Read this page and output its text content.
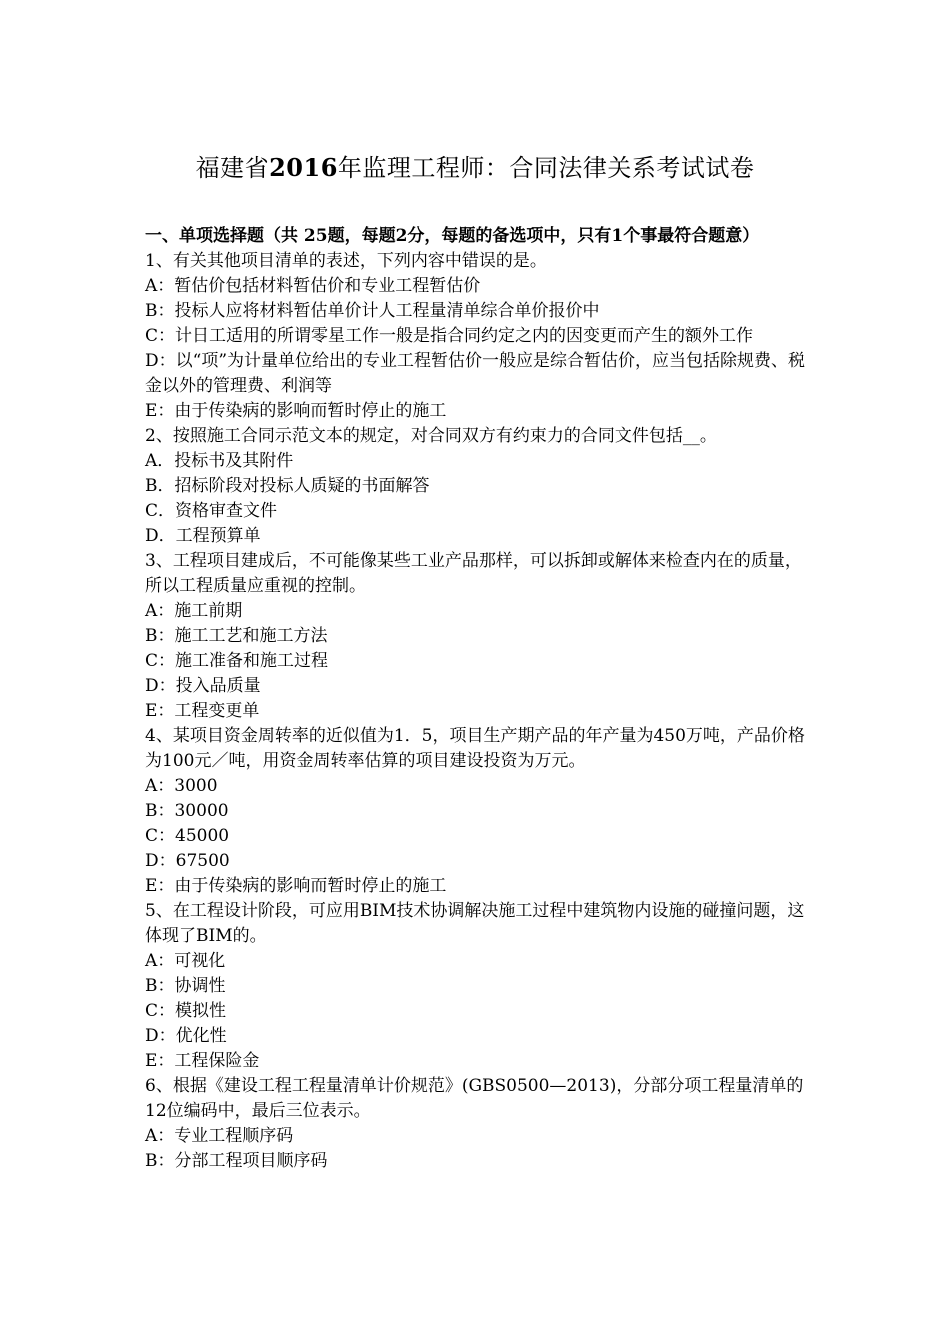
福建省2016年监理工程师：合同法律关系考试试卷

一、单项选择题（共 25题，每题2分，每题的备选项中，只有1个事最符合题意）

1、有关其他项目清单的表述，下列内容中错误的是。

A：暂估价包括材料暂估价和专业工程暂估价

B：投标人应将材料暂估单价计人工程量清单综合单价报价中

C：计日工适用的所谓零星工作一般是指合同约定之内的因变更而产生的额外工作

D：以“项”为计量单位给出的专业工程暂估价一般应是综合暂估价，应当包括除规费、税金以外的管理费、利润等

E：由于传染病的影响而暂时停止的施工

2、按照施工合同示范文本的规定，对合同双方有约束力的合同文件包括__。

A．投标书及其附件

B．招标阶段对投标人质疑的书面解答

C．资格审查文件

D．工程预算单

3、工程项目建成后，不可能像某些工业产品那样，可以拆卸或解体来检查内在的质量，所以工程质量应重视的控制。

A：施工前期

B：施工工艺和施工方法

C：施工准备和施工过程

D：投入品质量

E：工程变更单

4、某项目资金周转率的近似值为1．5，项目生产期产品的年产量为450万吨，产品价格为100元／吨，用资金周转率估算的项目建设投资为万元。

A：3000

B：30000

C：45000

D：67500

E：由于传染病的影响而暂时停止的施工

5、在工程设计阶段，可应用BIM技术协调解决施工过程中建筑物内设施的碰撞问题，这体现了BIM的。

A：可视化

B：协调性

C：模拟性

D：优化性

E：工程保险金

6、根据《建设工程工程量清单计价规范》(GBS0500—2013)，分部分项工程量清单的12位编码中，最后三位表示。

A：专业工程顺序码

B：分部工程项目顺序码
